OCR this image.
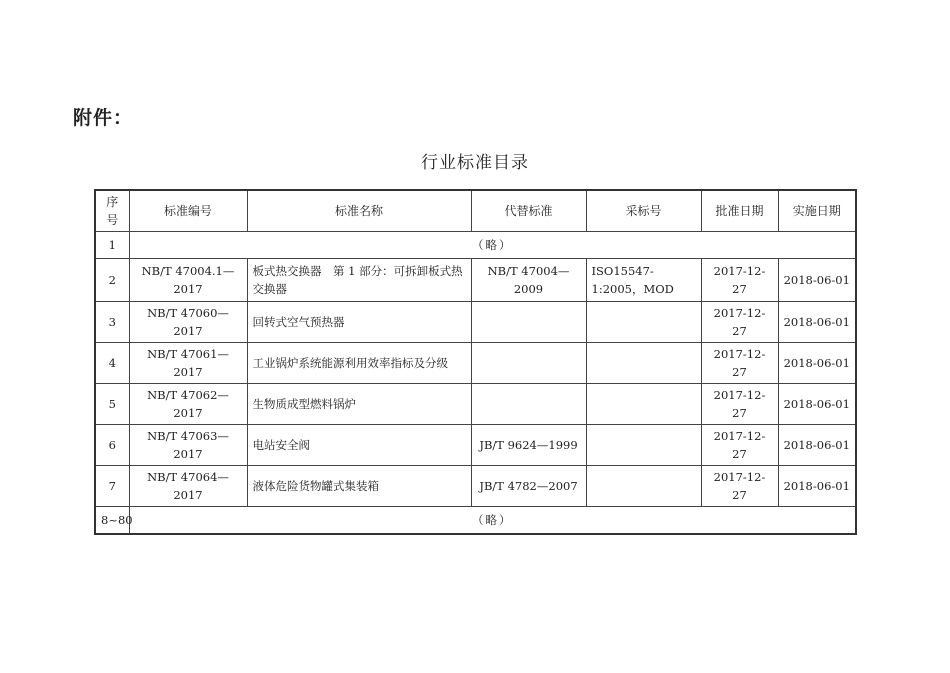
附件：
行业标准目录
序号	标准编号	标准名称	代替标准	采标号	批准日期	实施日期
1	（略）					
2	NB/T 47004.1—2017	板式热交换器　第 1 部分：可拆卸板式热交换器	NB/T 47004—2009	ISO15547-1:2005，MOD	2017-12-27	2018-06-01
3	NB/T 47060—2017	回转式空气预热器			2017-12-27	2018-06-01
4	NB/T 47061—2017	工业锅炉系统能源利用效率指标及分级			2017-12-27	2018-06-01
5	NB/T 47062—2017	生物质成型燃料锅炉			2017-12-27	2018-06-01
6	NB/T 47063—2017	电站安全阀	JB/T 9624—1999		2017-12-27	2018-06-01
7	NB/T 47064—2017	液体危险货物罐式集装箱	JB/T 4782—2007		2017-12-27	2018-06-01
8~80	（略）					
